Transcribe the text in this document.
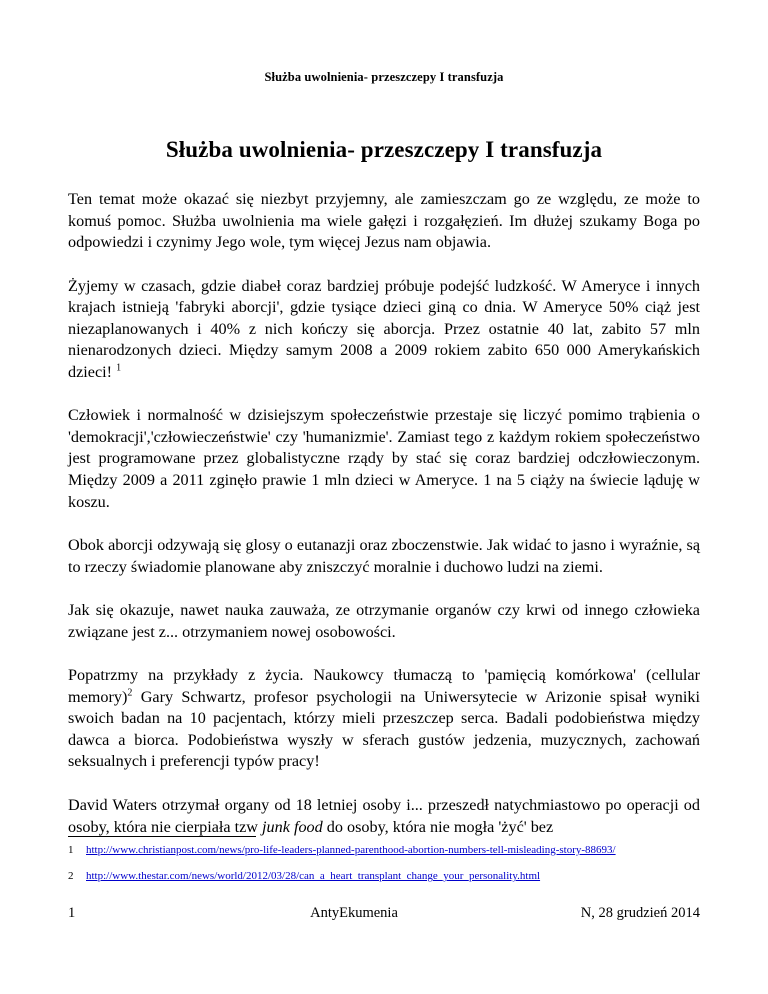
Służba uwolnienia- przeszczepy I transfuzja
Służba uwolnienia- przeszczepy I transfuzja

Ten temat może okazać się niezbyt przyjemny, ale zamieszczam go ze względu, ze może to komuś pomoc. Służba uwolnienia ma wiele gałęzi i rozgałęzień. Im dłużej szukamy Boga po odpowiedzi i czynimy Jego wole, tym więcej Jezus nam objawia.

Żyjemy w czasach, gdzie diabeł coraz bardziej próbuje podejść ludzkość. W Ameryce i innych krajach istnieją 'fabryki aborcji', gdzie tysiące dzieci giną co dnia. W Ameryce 50% ciąż jest niezaplanowanych i 40% z nich kończy się aborcja. Przez ostatnie 40 lat, zabito 57 mln nienarodzonych dzieci. Między samym 2008 a 2009 rokiem zabito 650 000 Amerykańskich dzieci! $^1$

Człowiek i normalność w dzisiejszym społeczeństwie przestaje się liczyć pomimo trąbienia o 'demokracji','człowieczeństwie' czy 'humanizmie'. Zamiast tego z każdym rokiem społeczeństwo jest programowane przez globalistyczne rządy by stać się coraz bardziej odczłowieczonym. Między 2009 a 2011 zginęło prawie 1 mln dzieci w Ameryce. 1 na 5 ciąży na świecie ląduję w koszu.

Obok aborcji odzywają się glosy o eutanazji oraz zboczenstwie. Jak widać to jasno i wyraźnie, są to rzeczy świadomie planowane aby zniszczyć moralnie i duchowo ludzi na ziemi.

Jak się okazuje, nawet nauka zauważa, ze otrzymanie organów czy krwi od innego człowieka związane jest z... otrzymaniem nowej osobowości.

Popatrzmy na przykłady z życia. Naukowcy tłumaczą to 'pamięcią komórkowa' (cellular memory)$^2$ Gary Schwartz, profesor psychologii na Uniwersytecie w Arizonie spisał wyniki swoich badan na 10 pacjentach, którzy mieli przeszczep serca. Badali podobieństwa między dawca a biorca. Podobieństwa wyszły w sferach gustów jedzenia, muzycznych, zachowań seksualnych i preferencji typów pracy!

David Waters otrzymał organy od 18 letniej osoby i... przeszedł natychmiastowo po operacji od osoby, która nie cierpiała tzw junk food do osoby, która nie mogła 'żyć' bez

1	http://www.christianpost.com/news/pro-life-leaders-planned-parenthood-abortion-numbers-tell-misleading-story-88693/
2	http://www.thestar.com/news/world/2012/03/28/can_a_heart_transplant_change_your_personality.html
1	AntyEkumenia	N, 28 grudzień 2014
